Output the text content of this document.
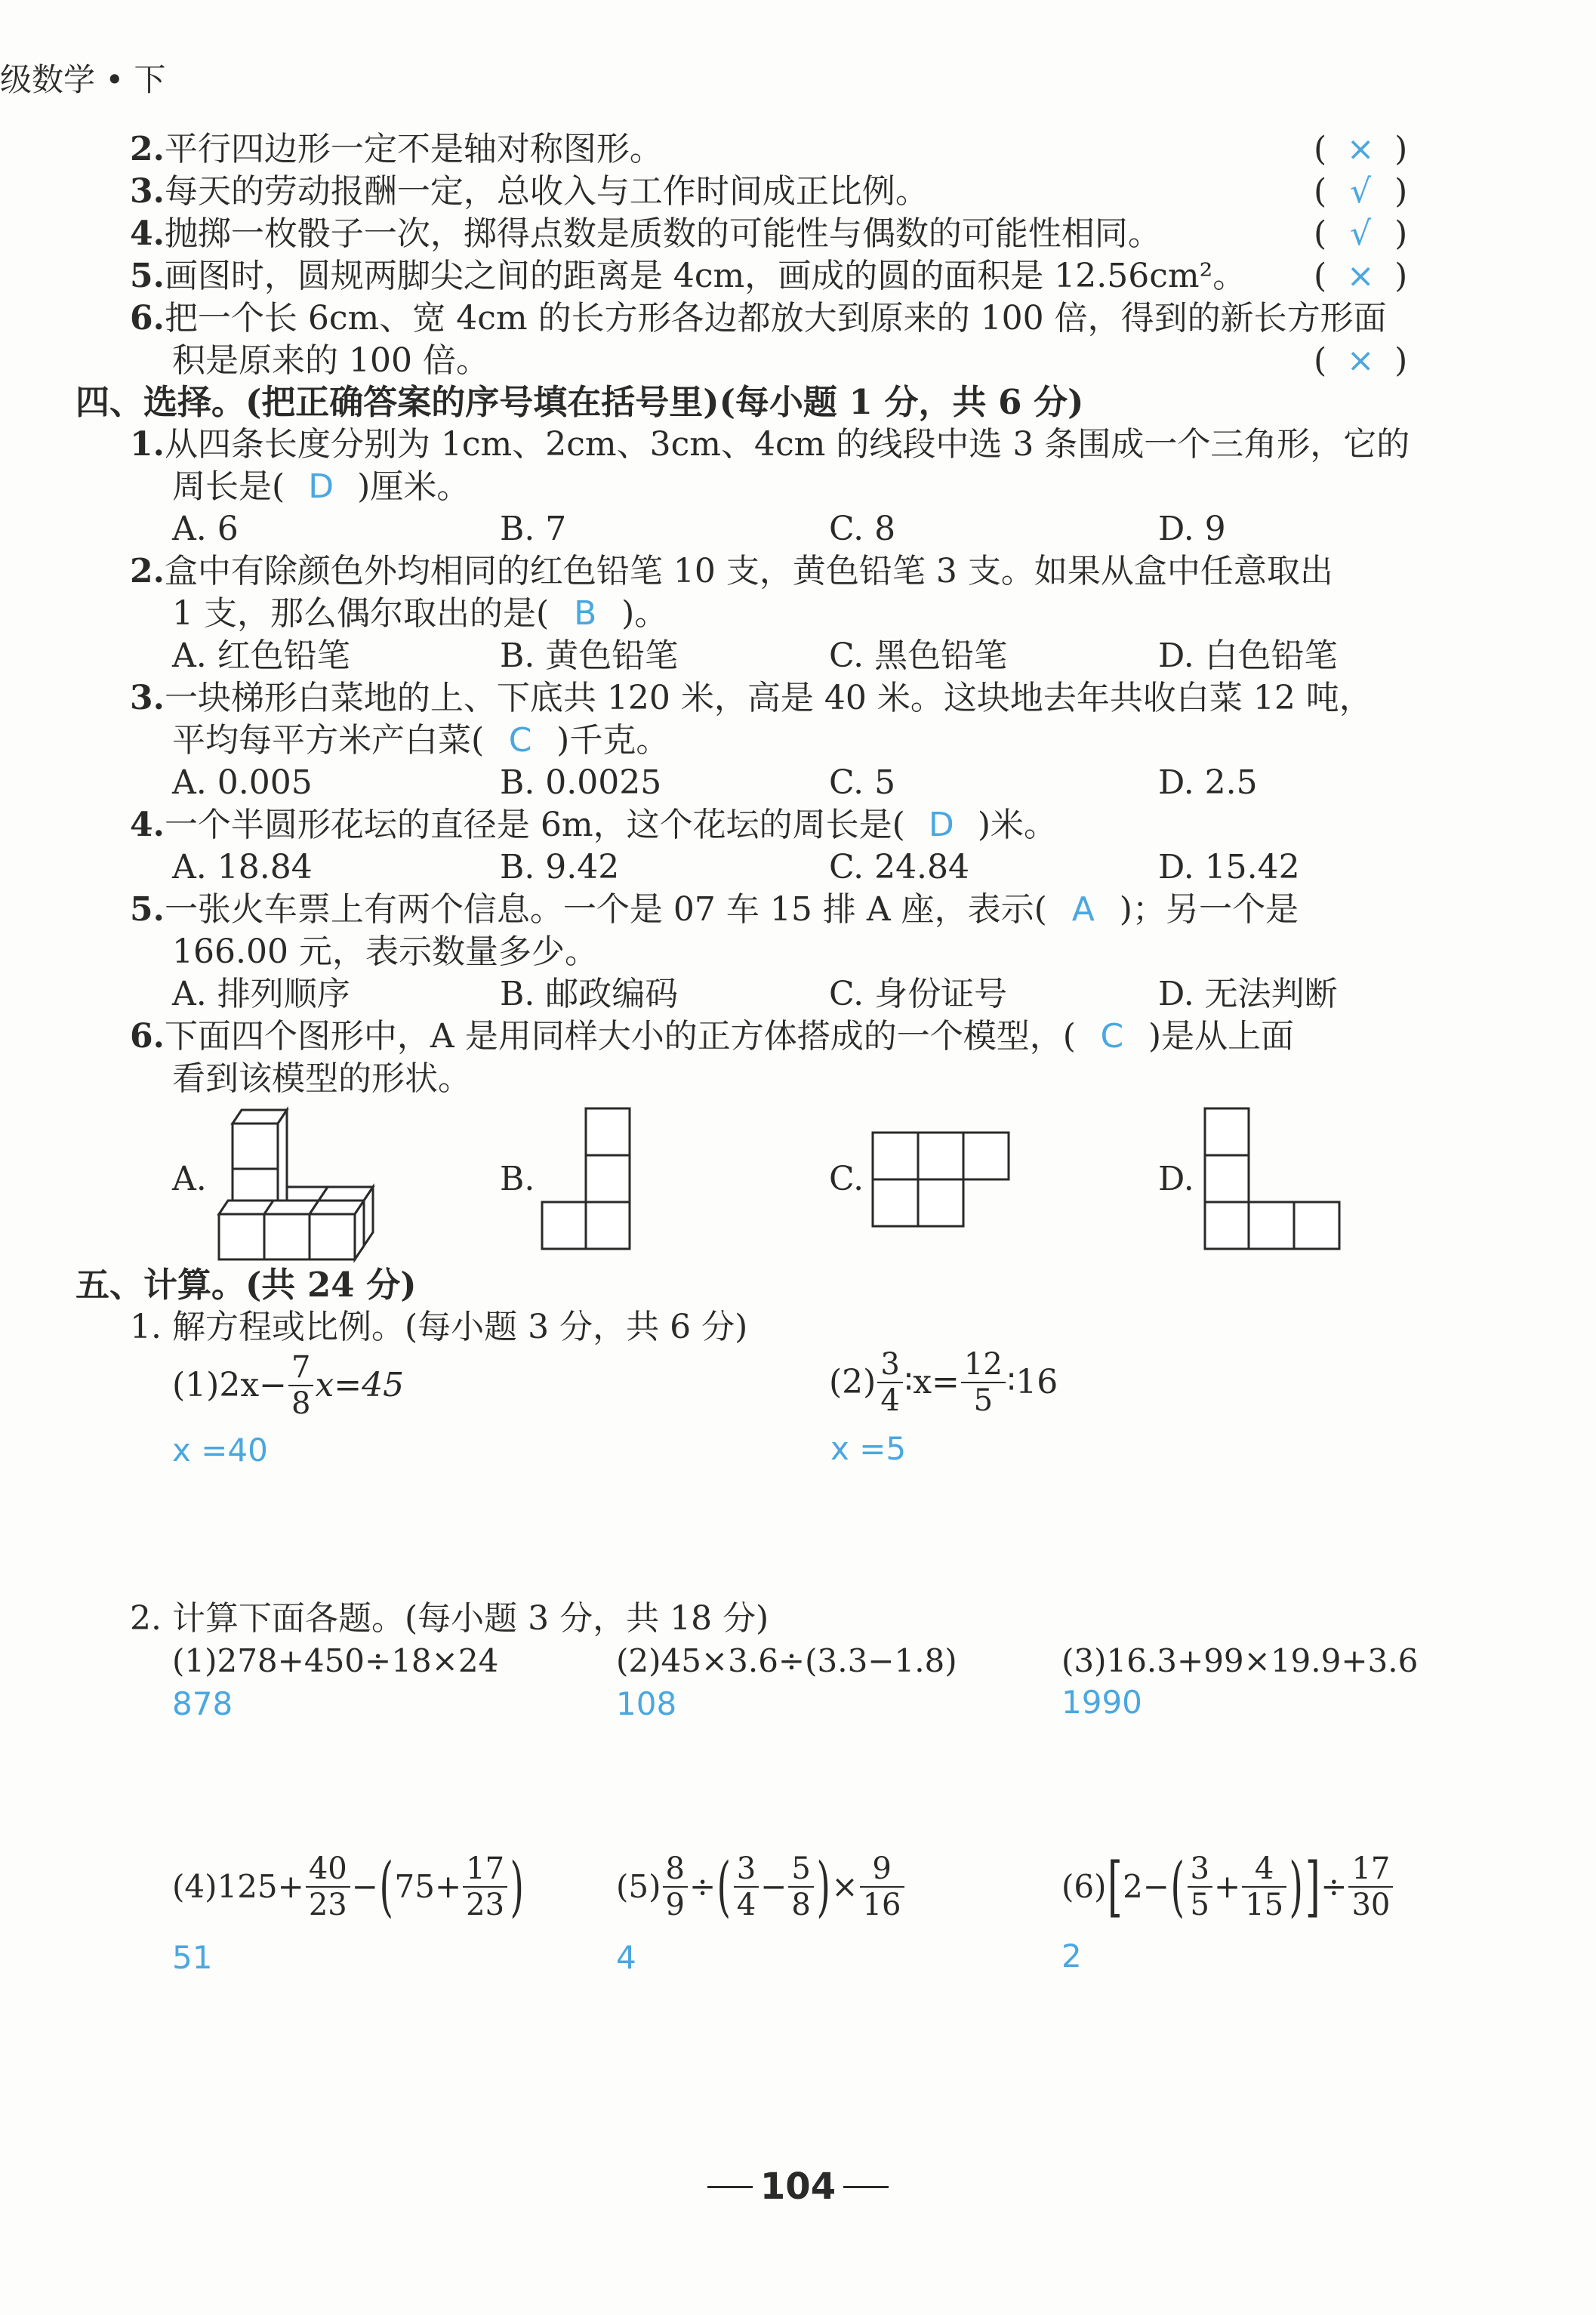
级数学 • 下
2.平行四边形一定不是轴对称图形。	( × )
3.每天的劳动报酬一定，总收入与工作时间成正比例。	( √ )
4.抛掷一枚骰子一次，掷得点数是质数的可能性与偶数的可能性相同。	( √ )
5.画图时，圆规两脚尖之间的距离是 4cm，画成的圆的面积是 12.56cm²。 ( × )
6.把一个长 6cm、宽 4cm 的长方形各边都放大到原来的 100 倍，得到的新长方形面
积是原来的 100 倍。	( × )
四、选择。(把正确答案的序号填在括号里)(每小题 1 分，共 6 分)
1.从四条长度分别为 1cm、2cm、3cm、4cm 的线段中选 3 条围成一个三角形，它的
周长是( D )厘米。
A. 6	B. 7	C. 8	D. 9
2.盒中有除颜色外均相同的红色铅笔 10 支，黄色铅笔 3 支。如果从盒中任意取出
1 支，那么偶尔取出的是( B )。
A. 红色铅笔	B. 黄色铅笔	C. 黑色铅笔	D. 白色铅笔
3.一块梯形白菜地的上、下底共 120 米，高是 40 米。这块地去年共收白菜 12 吨，
平均每平方米产白菜( C )千克。
A. 0.005	B. 0.0025	C. 5	D. 2.5
4.一个半圆形花坛的直径是 6m，这个花坛的周长是( D )米。
A. 18.84	B. 9.42	C. 24.84	D. 15.42
5.一张火车票上有两个信息。一个是 07 车 15 排 A 座，表示( A )；另一个是
166.00 元，表示数量多少。
A. 排列顺序	B. 邮政编码	C. 身份证号	D. 无法判断
6.下面四个图形中，A 是用同样大小的正方体搭成的一个模型，( C )是从上面
看到该模型的形状。
A.	B.	C.	D.
五、计算。(共 24 分)
1. 解方程或比例。(每小题 3 分，共 6 分)
(1) $2x- \frac{7}{8} x=45$
x =40
$(2) \frac{3}{4}$ ∶x= $\frac{12}{5}$ ∶16
x =5
2. 计算下面各题。(每小题 3 分，共 18 分)
(1)278+450÷18×24
878
(2)45×3.6÷(3.3−1.8)
108
(3)16.3+99×19.9+3.6
1990
$(4)125+ \frac{40}{23}$ − ( $75+ \frac{17}{23}$ )
51
$(5) \frac{8}{9}$ ÷ ( $\frac{3}{4} - \frac{5}{8}$ ) × $\frac{9}{16}$
4
(6) [ 2− ( $\frac{3}{5} + \frac{4}{15}$ ) ] ÷ $\frac{17}{30}$
2
104
